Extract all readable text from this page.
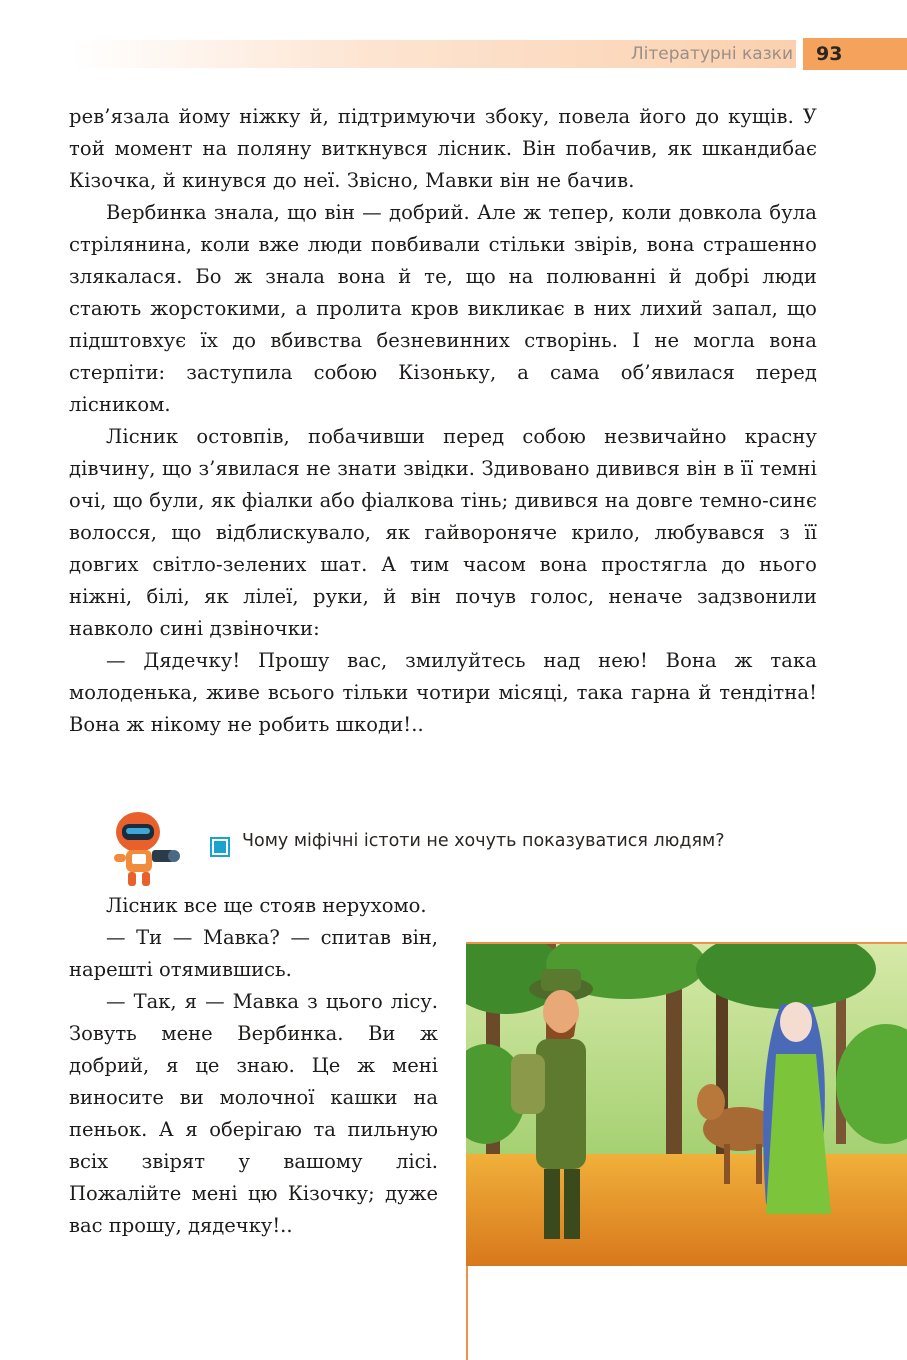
Літературні казки	93

рев’язала йому ніжку й, підтримуючи збоку, повела його до кущів. У той момент на поляну виткнувся лісник. Він побачив, як шкандибає Кізочка, й кинувся до неї. Звісно, Мавки він не бачив.

Вербинка знала, що він — добрий. Але ж тепер, коли довкола була стрілянина, коли вже люди повбивали стільки звірів, вона страшенно злякалася. Бо ж знала вона й те, що на полюванні й добрі люди стають жорстокими, а пролита кров викликає в них лихий запал, що підштовхує їх до вбивства безневинних створінь. І не могла вона стерпіти: заступила собою Кізоньку, а сама об’явилася перед лісником.

Лісник остовпів, побачивши перед собою незвичайно красну дівчину, що з’явилася не знати звідки. Здивовано дивився він в її темні очі, що були, як фіалки або фіалкова тінь; дивився на довге темно-синє волосся, що відблискувало, як гайвороняче крило, любувався з її довгих світло-зелених шат. А тим часом вона простягла до нього ніжні, білі, як лілеї, руки, й він почув голос, неначе задзвонили навколо сині дзвіночки:

— Дядечку! Прошу вас, змилуйтесь над нею! Вона ж така молоденька, живе всього тільки чотири місяці, така гарна й тендітна! Вона ж нікому не робить шкоди!..

Чому міфічні істоти не хочуть показуватися людям?

Лісник все ще стояв нерухомо.

— Ти — Мавка? — спитав він, нарешті отямившись.

— Так, я — Мавка з цього лісу. Зовуть мене Вербинка. Ви ж добрий, я це знаю. Це ж мені виносите ви молочної кашки на пеньок. А я оберігаю та пильную всіх звірят у вашому лісі. Пожалійте мені цю Кізочку; дуже вас прошу, дядечку!..
